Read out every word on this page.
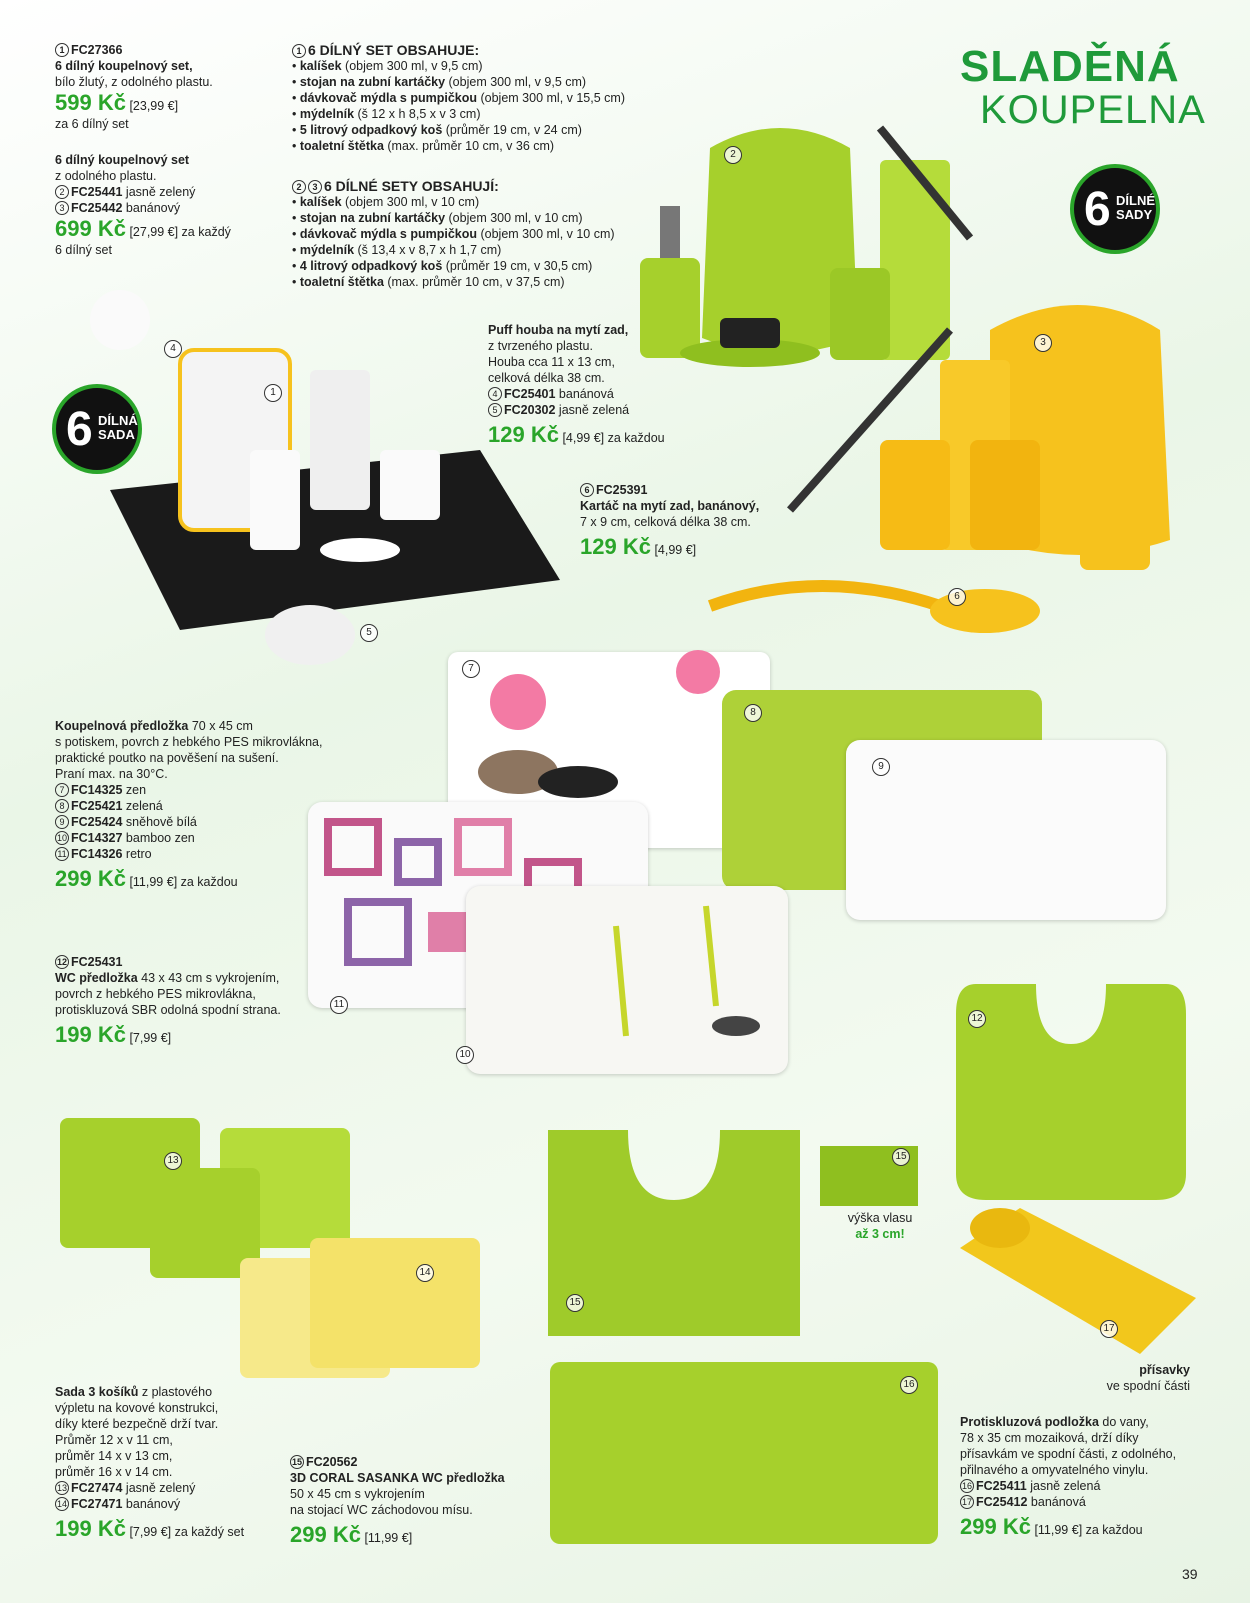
SLADĚNÁ
KOUPELNA
6 DÍLNÉ
SADY
6 DÍLNÁ
SADA
1 FC27366
6 dílný koupelnový set,
bílo žlutý, z odolného plastu.
599 Kč [23,99 €]
za 6 dílný set
6 dílný koupelnový set
z odolného plastu.
2 FC25441 jasně zelený
3 FC25442 banánový
699 Kč [27,99 €] za každý
6 dílný set
1 6 DÍLNÝ SET OBSAHUJE:
• kalíšek (objem 300 ml, v 9,5 cm)
• stojan na zubní kartáčky (objem 300 ml, v 9,5 cm)
• dávkovač mýdla s pumpičkou (objem 300 ml, v 15,5 cm)
• mýdelník (š 12 x h 8,5 x v 3 cm)
• 5 litrový odpadkový koš (průměr 19 cm, v 24 cm)
• toaletní štětka (max. průměr 10 cm, v 36 cm)
2 3 6 DÍLNÉ SETY OBSAHUJÍ:
• kalíšek (objem 300 ml, v 10 cm)
• stojan na zubní kartáčky (objem 300 ml, v 10 cm)
• dávkovač mýdla s pumpičkou (objem 300 ml, v 10 cm)
• mýdelník (š 13,4 x v 8,7 x h 1,7 cm)
• 4 litrový odpadkový koš (průměr 19 cm, v 30,5 cm)
• toaletní štětka (max. průměr 10 cm, v 37,5 cm)
2
3
Puff houba na mytí zad,
z tvrzeného plastu.
Houba cca 11 x 13 cm,
celková délka 38 cm.
4 FC25401 banánová
5 FC20302 jasně zelená
129 Kč [4,99 €] za každou
6 FC25391
Kartáč na mytí zad, banánový,
7 x 9 cm, celková délka 38 cm.
129 Kč [4,99 €]
6
1
4
5
Koupelnová předložka 70 x 45 cm
s potiskem, povrch z hebkého PES mikrovlákna,
praktické poutko na pověšení na sušení.
Praní max. na 30°C.
7 FC14325 zen
8 FC25421 zelená
9 FC25424 sněhově bílá
10 FC14327 bamboo zen
11 FC14326 retro
299 Kč [11,99 €] za každou
7
8
9
11
10
12 FC25431
WC předložka 43 x 43 cm s vykrojením,
povrch z hebkého PES mikrovlákna,
protiskluzová SBR odolná spodní strana.
199 Kč [7,99 €]
12
13
14
Sada 3 košíků z plastového
výpletu na kovové konstrukci,
díky které bezpečně drží tvar.
Průměr 12 x v 11 cm,
průměr 14 x v 13 cm,
průměr 16 x v 14 cm.
13 FC27474 jasně zelený
14 FC27471 banánový
199 Kč [7,99 €] za každý set
15
15
výška vlasu
až 3 cm!
16
17
přísavky
ve spodní části
15 FC20562
3D CORAL SASANKA WC předložka
50 x 45 cm s vykrojením
na stojací WC záchodovou mísu.
299 Kč [11,99 €]
Protiskluzová podložka do vany,
78 x 35 cm mozaiková, drží díky
přísavkám ve spodní části, z odolného,
přilnavého a omyvatelného vinylu.
16 FC25411 jasně zelená
17 FC25412 banánová
299 Kč [11,99 €] za každou
39
